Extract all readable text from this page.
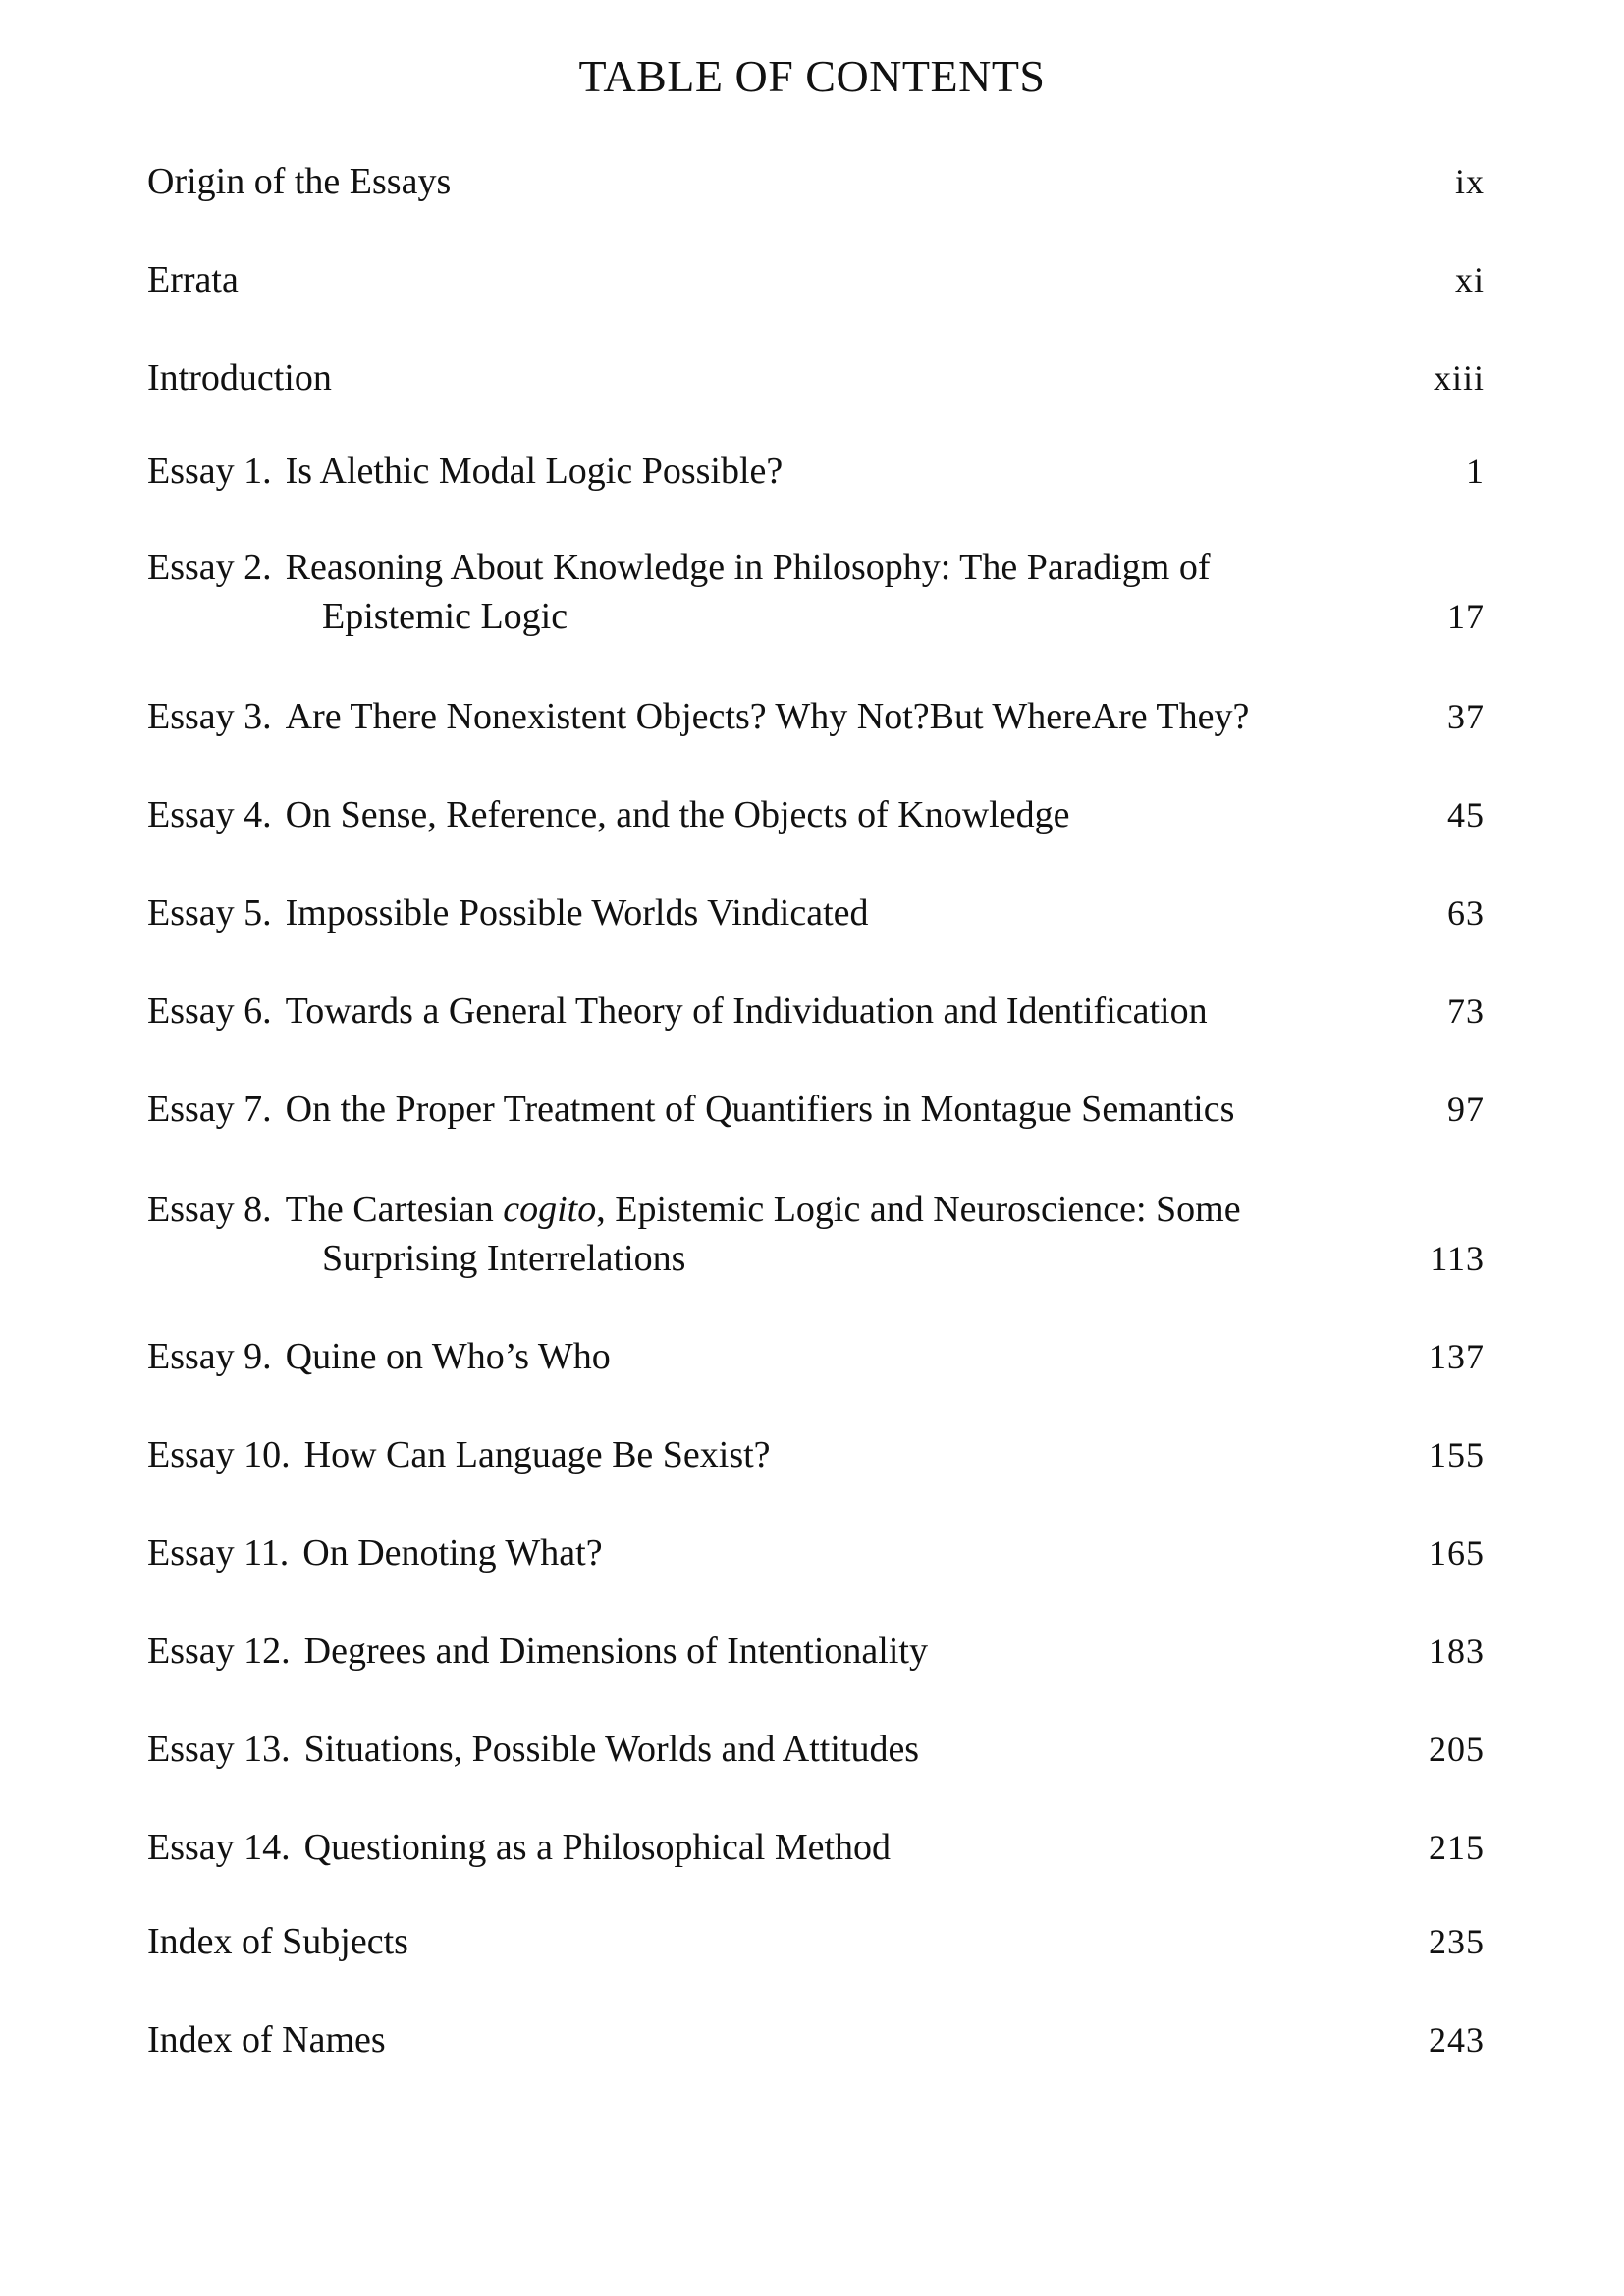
TABLE OF CONTENTS
Origin of the Essays	ix
Errata	xi
Introduction	xiii
Essay 1. Is Alethic Modal Logic Possible?	1
Essay 2. Reasoning About Knowledge in Philosophy: The Paradigm of
Epistemic Logic	17
Essay 3. Are There Nonexistent Objects? Why Not?But WhereAre They?	37
Essay 4. On Sense, Reference, and the Objects of Knowledge	45
Essay 5. Impossible Possible Worlds Vindicated	63
Essay 6. Towards a General Theory of Individuation and Identification	73
Essay 7. On the Proper Treatment of Quantifiers in Montague Semantics	97
Essay 8. The Cartesian cogito, Epistemic Logic and Neuroscience: Some
Surprising Interrelations	113
Essay 9. Quine on Who’s Who	137
Essay 10. How Can Language Be Sexist?	155
Essay 11. On Denoting What?	165
Essay 12. Degrees and Dimensions of Intentionality	183
Essay 13. Situations, Possible Worlds and Attitudes	205
Essay 14. Questioning as a Philosophical Method	215
Index of Subjects	235
Index of Names	243
